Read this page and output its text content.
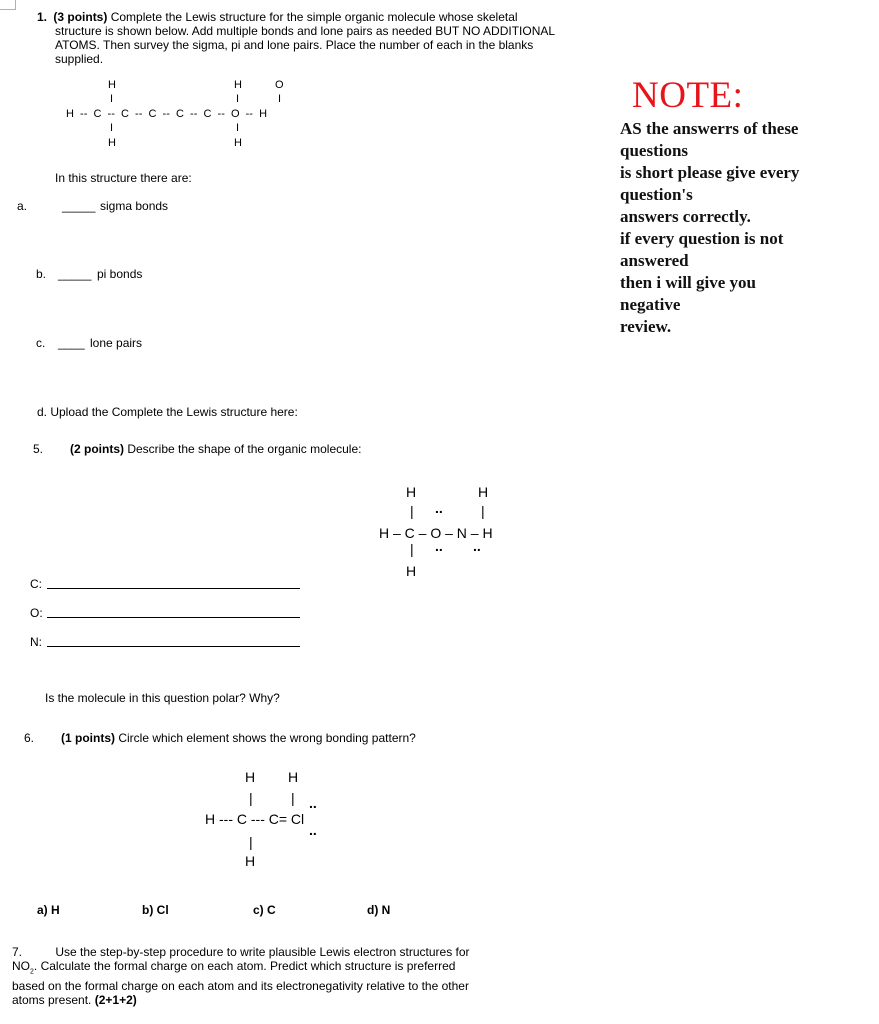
1. (3 points) Complete the Lewis structure for the simple organic molecule whose skeletal
structure is shown below. Add multiple bonds and lone pairs as needed BUT NO ADDITIONAL
ATOMS. Then survey the sigma, pi and lone pairs. Place the number of each in the blanks
supplied.
H	H	O
I	I	I
H  --  C  --  C  --  C  --  C  --  C  --  O  --  H
I	I
H	H
In this structure there are:
a.	_____ sigma bonds
b. _____ pi bonds
c. ____ lone pairs
d. Upload the Complete the Lewis structure here:
5. (2 points) Describe the shape of the organic molecule:
H	H
| ..	|
H – C – O – N – H
| .. ..
H
C:
O:
N:
Is the molecule in this question polar? Why?
6. (1 points) Circle which element shows the wrong bonding pattern?
H H
|	| ..
H --- C --- C= Cl
..
|
H
a) H	b) Cl	c) C	d) N
7.	Use the step-by-step procedure to write plausible Lewis electron structures for
$NO_2$. Calculate the formal charge on each atom. Predict which structure is preferred
based on the formal charge on each atom and its electronegativity relative to the other
atoms present. (2+1+2)
NOTE:
AS the answerrs of these
questions
is short please give every
question's
answers correctly.
if every question is not
answered
then i will give you
negative
review.
